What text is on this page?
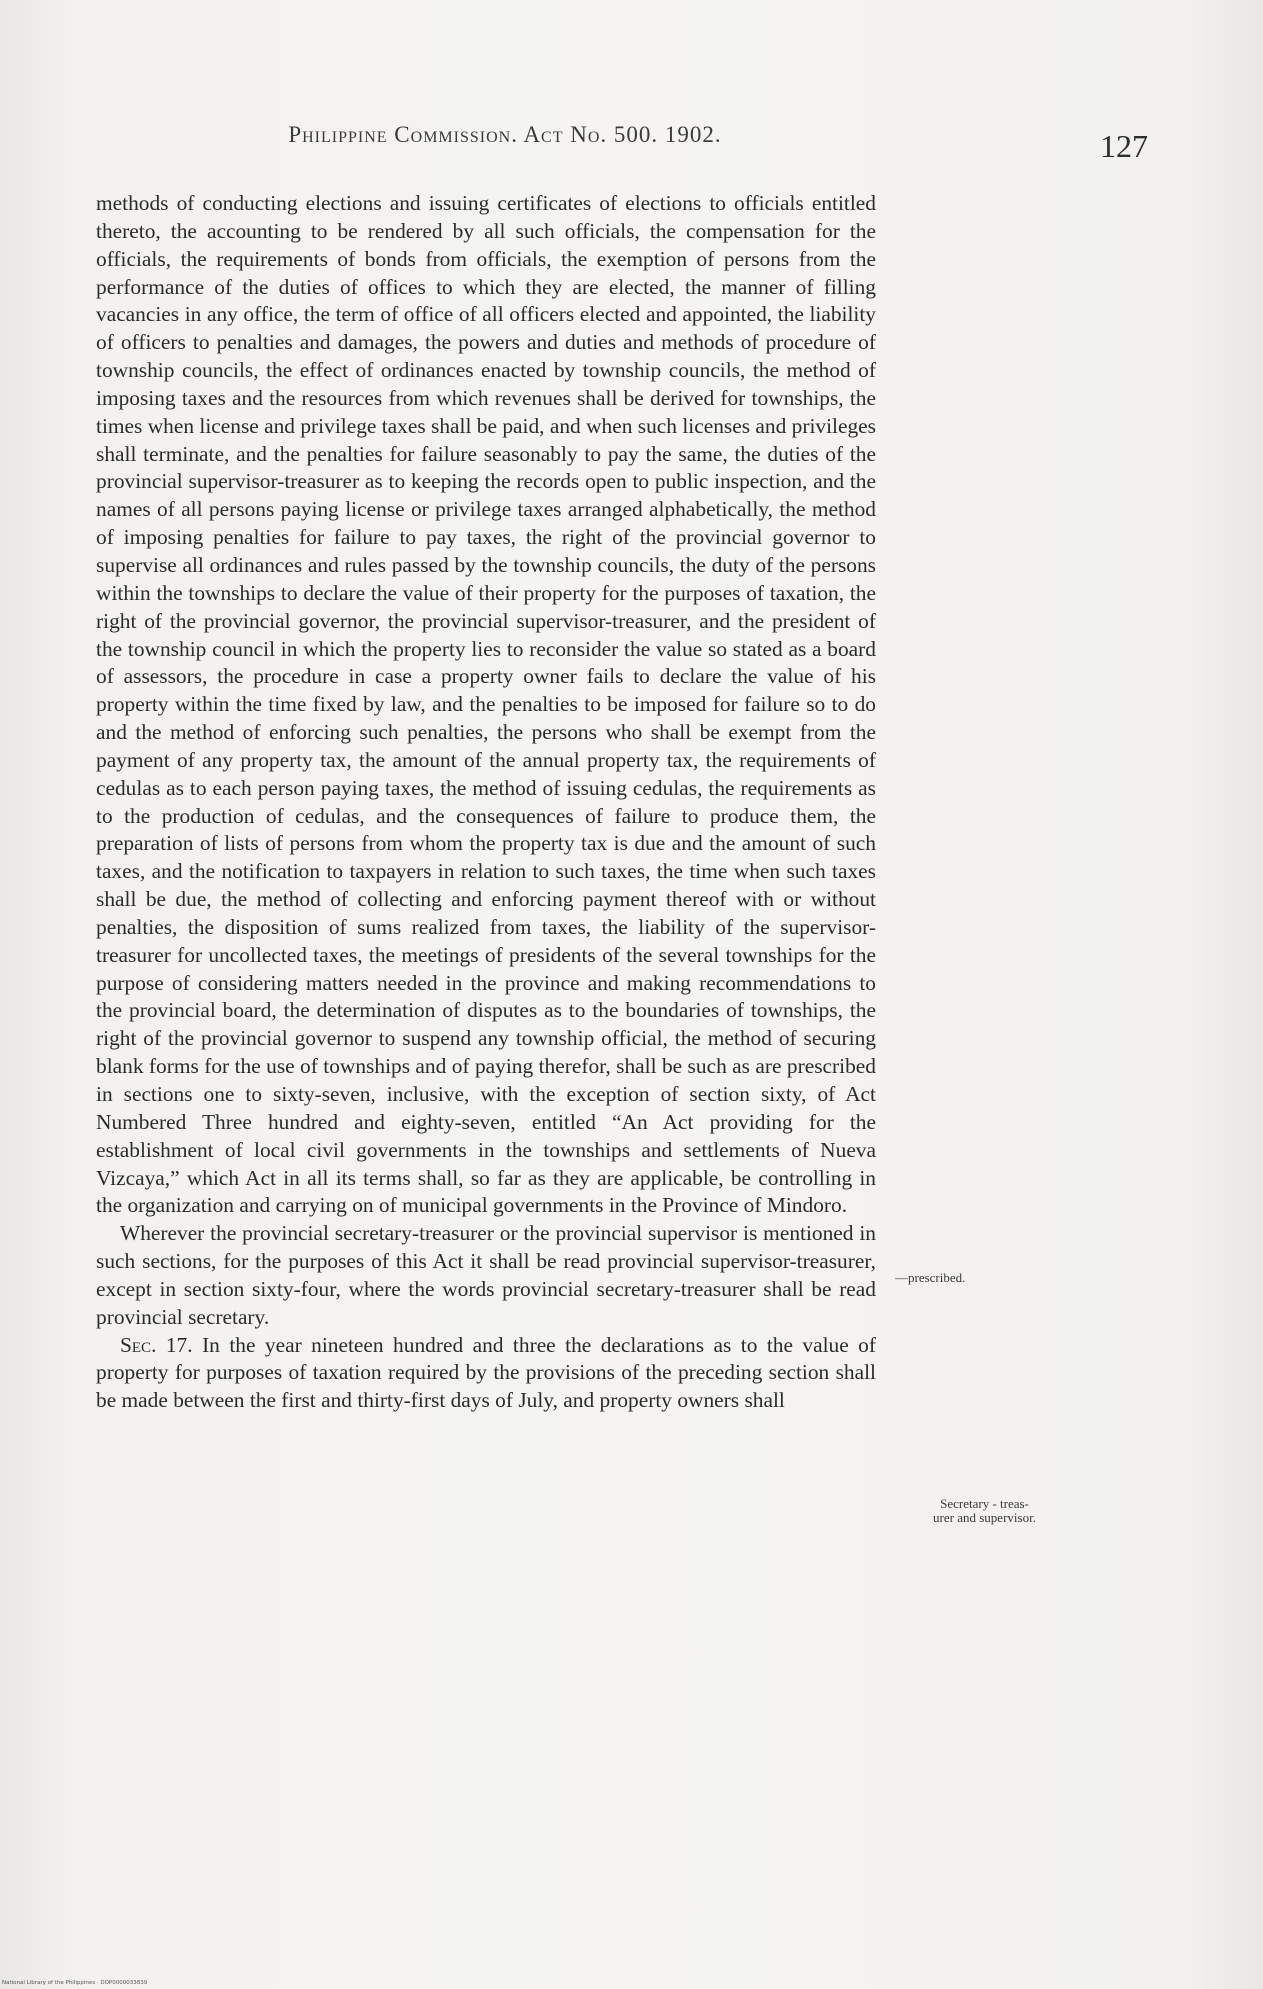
Philippine Commission. Act No. 500. 1902.	127

methods of conducting elections and issuing certificates of elections to officials entitled thereto, the accounting to be rendered by all such officials, the compensation for the officials, the requirements of bonds from officials, the exemption of persons from the performance of the duties of offices to which they are elected, the manner of filling vacancies in any office, the term of office of all officers elected and appointed, the liability of officers to penalties and damages, the powers and duties and methods of procedure of township councils, the effect of ordinances enacted by township councils, the method of imposing taxes and the resources from which revenues shall be derived for townships, the times when license and privilege taxes shall be paid, and when such licenses and privileges shall terminate, and the penalties for failure seasonably to pay the same, the duties of the provincial supervisor-treasurer as to keeping the records open to public inspection, and the names of all persons paying license or privilege taxes arranged alphabetically, the method of imposing penalties for failure to pay taxes, the right of the provincial governor to supervise all ordinances and rules passed by the township councils, the duty of the persons within the townships to declare the value of their property for the purposes of taxation, the right of the provincial governor, the provincial supervisor-treasurer, and the president of the township council in which the property lies to reconsider the value so stated as a board of assessors, the procedure in case a property owner fails to declare the value of his property within the time fixed by law, and the penalties to be imposed for failure so to do and the method of enforcing such penalties, the persons who shall be exempt from the payment of any property tax, the amount of the annual property tax, the requirements of cedulas as to each person paying taxes, the method of issuing cedulas, the requirements as to the production of cedulas, and the consequences of failure to produce them, the preparation of lists of persons from whom the property tax is due and the amount of such taxes, and the notification to taxpayers in relation to such taxes, the time when such taxes shall be due, the method of collecting and enforcing payment thereof with or without penalties, the disposition of sums realized from taxes, the liability of the supervisor-treasurer for uncollected taxes, the meetings of presidents of the several townships for the purpose of considering matters needed in the province and making recommendations to the provincial board, the determination of disputes as to the boundaries of townships, the right of the provincial governor to suspend any township official, the method of securing blank forms for the use of townships and of paying therefor, shall be such as are prescribed in sections one to sixty-seven, inclusive, with the exception of section sixty, of Act Numbered Three hundred and eighty-seven, entitled “An Act providing for the establishment of local civil governments in the townships and settlements of Nueva Vizcaya,” which Act in all its terms shall, so far as they are applicable, be controlling in the organization and carrying on of municipal governments in the Province of Mindoro.

Wherever the provincial secretary-treasurer or the provincial supervisor is mentioned in such sections, for the purposes of this Act it shall be read provincial supervisor-treasurer, except in section sixty-four, where the words provincial secretary-treasurer shall be read provincial secretary.

Sec. 17. In the year nineteen hundred and three the declarations as to the value of property for purposes of taxation required by the provisions of the preceding section shall be made between the first and thirty-first days of July, and property owners shall

—prescribed.
Secretary - treas-
urer and supervisor.
National Library of the Philippines · DOP0000033839
